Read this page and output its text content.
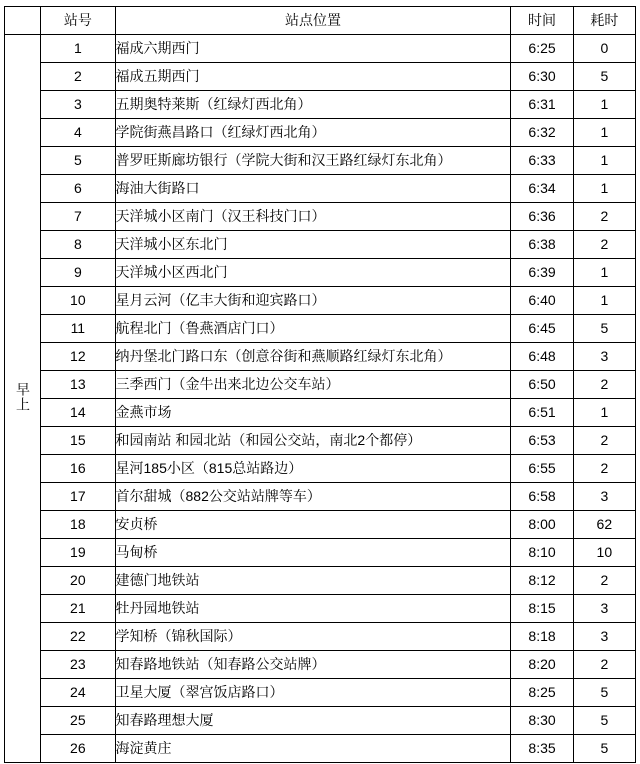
	站号	站点位置	时间	耗时
早上	1	福成六期西门	6:25	0
	2	福成五期西门	6:30	5
	3	五期奥特莱斯（红绿灯西北角）	6:31	1
	4	学院街燕昌路口（红绿灯西北角）	6:32	1
	5	普罗旺斯廊坊银行（学院大街和汉王路红绿灯东北角）	6:33	1
	6	海油大街路口	6:34	1
	7	天洋城小区南门（汉王科技门口）	6:36	2
	8	天洋城小区东北门	6:38	2
	9	天洋城小区西北门	6:39	1
	10	星月云河（亿丰大街和迎宾路口）	6:40	1
	11	航程北门（鲁燕酒店门口）	6:45	5
	12	纳丹堡北门路口东（创意谷街和燕顺路红绿灯东北角）	6:48	3
	13	三季西门（金牛出来北边公交车站）	6:50	2
	14	金燕市场	6:51	1
	15	和园南站 和园北站（和园公交站，南北2个都停）	6:53	2
	16	星河185小区（815总站路边）	6:55	2
	17	首尔甜城（882公交站站牌等车）	6:58	3
	18	安贞桥	8:00	62
	19	马甸桥	8:10	10
	20	建德门地铁站	8:12	2
	21	牡丹园地铁站	8:15	3
	22	学知桥（锦秋国际）	8:18	3
	23	知春路地铁站（知春路公交站牌）	8:20	2
	24	卫星大厦（翠宫饭店路口）	8:25	5
	25	知春路理想大厦	8:30	5
	26	海淀黄庄	8:35	5
